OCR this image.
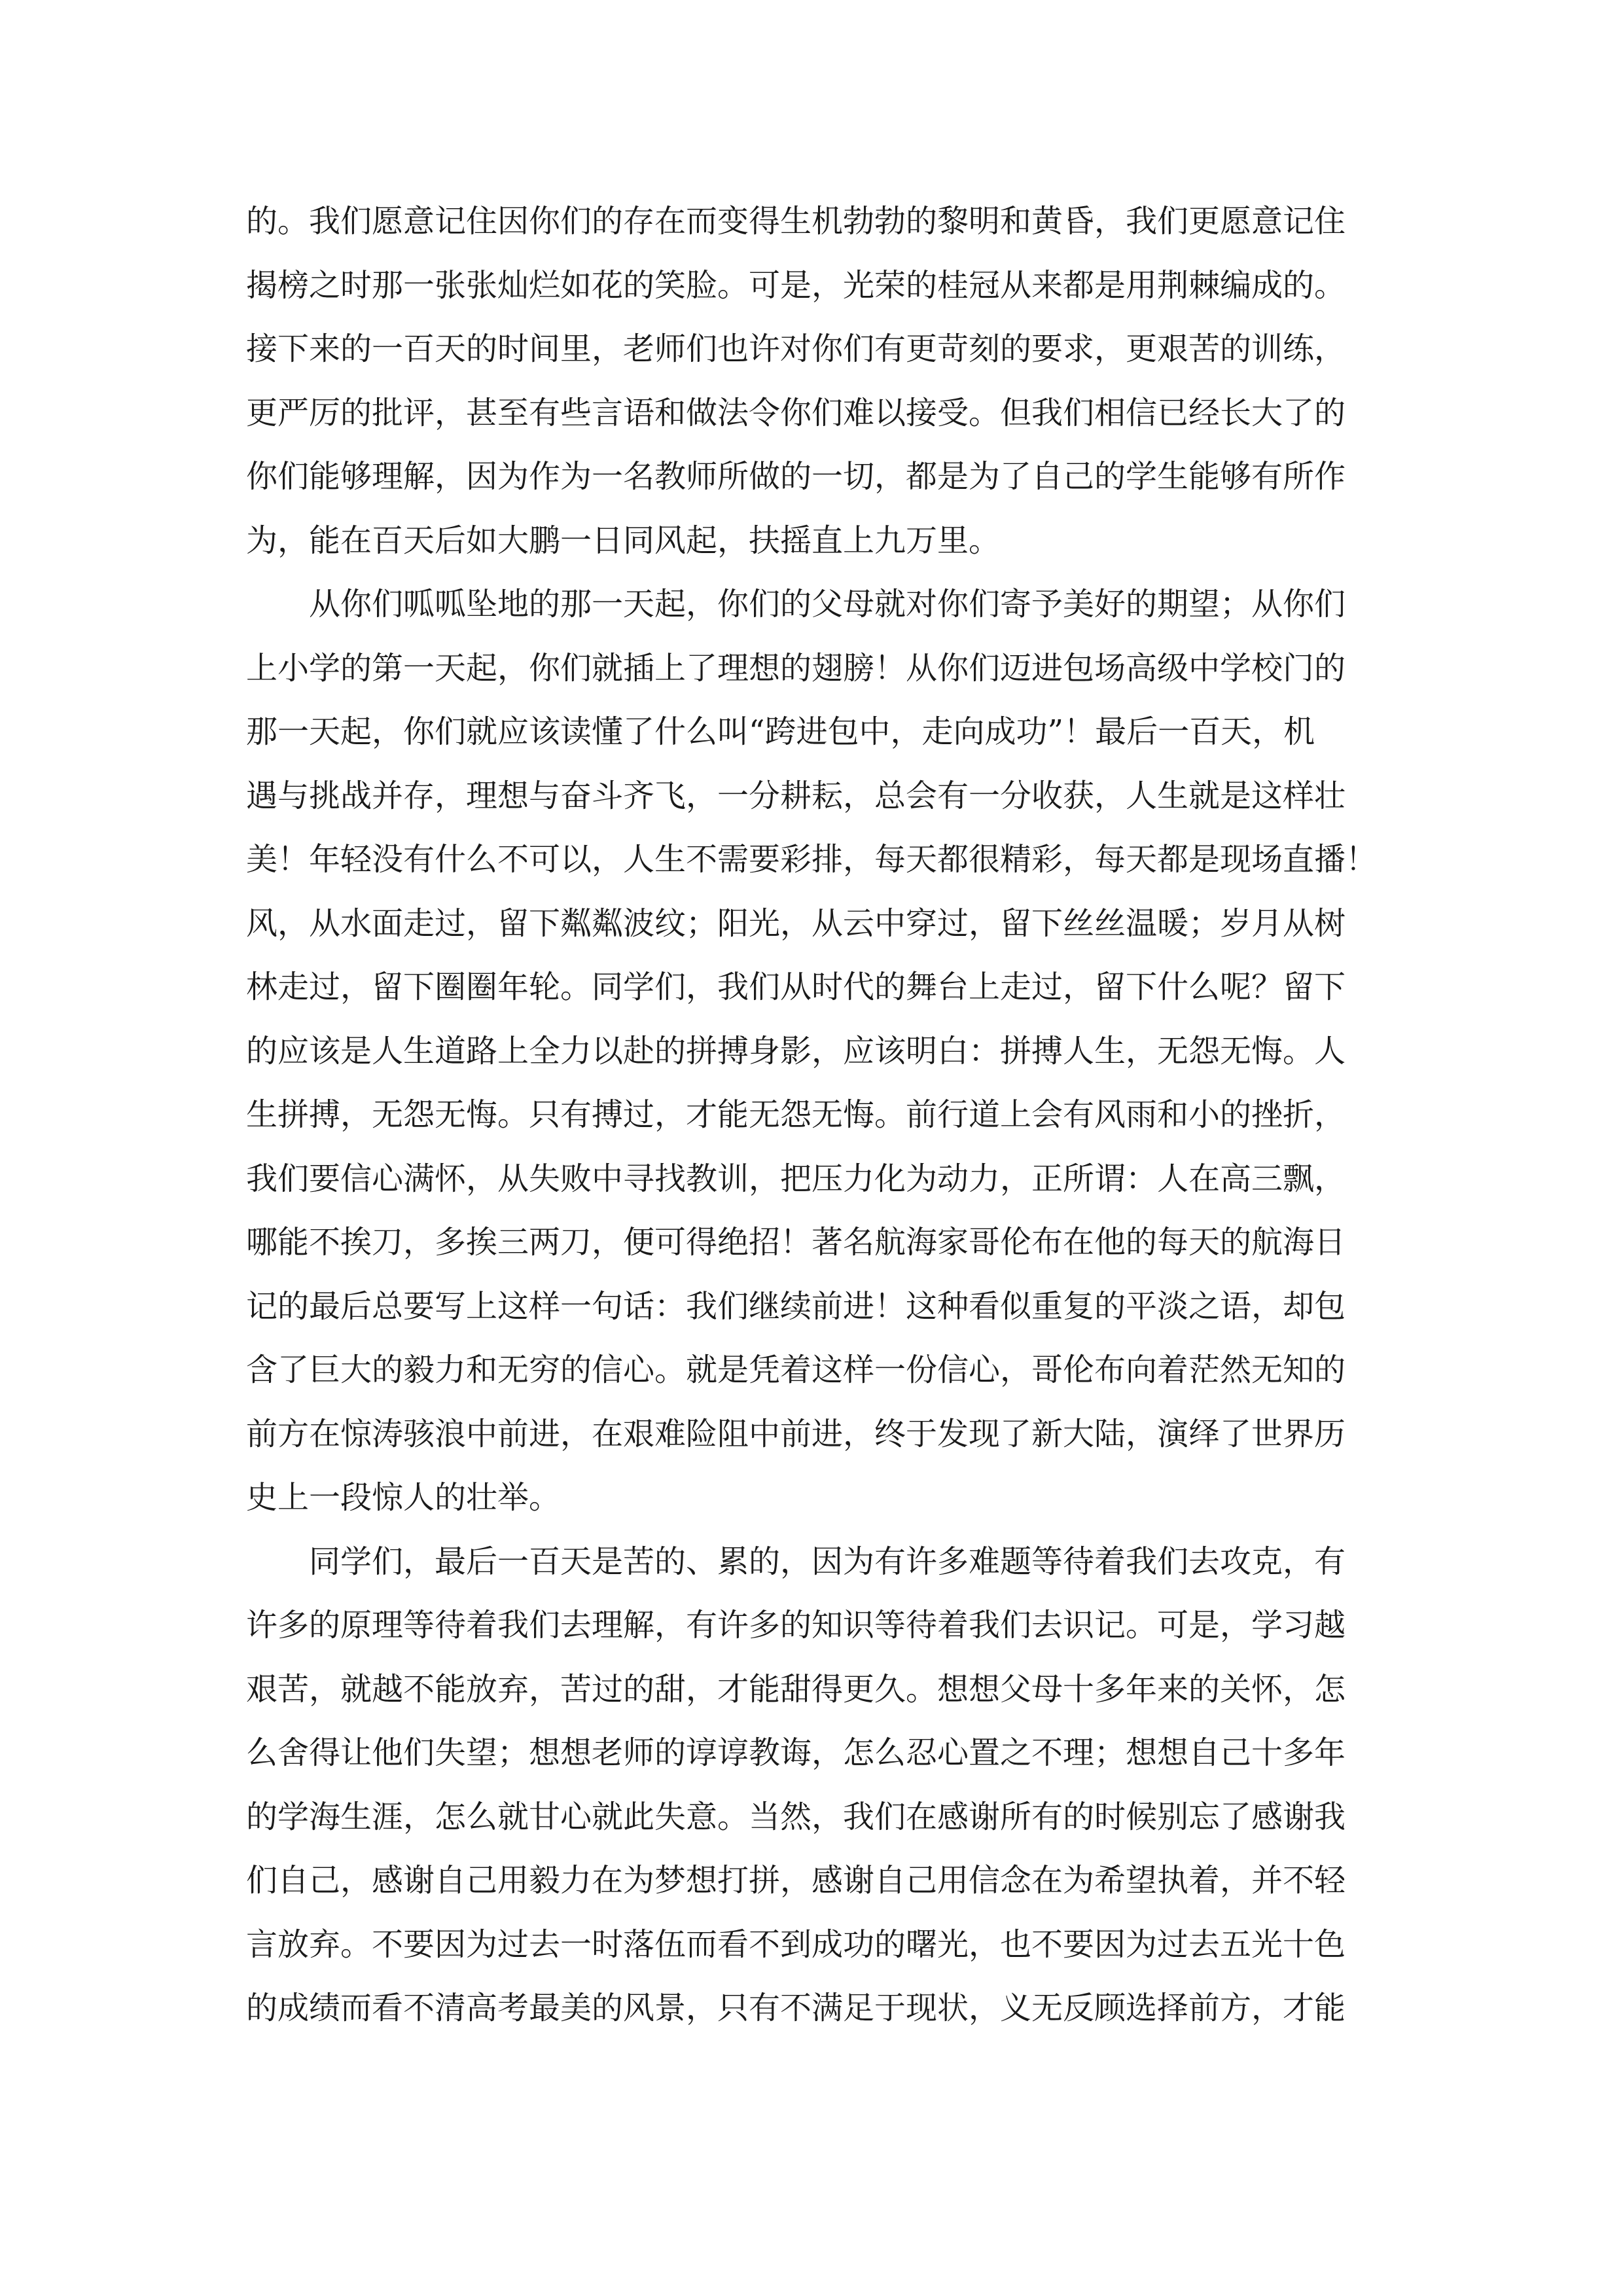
的。我们愿意记住因你们的存在而变得生机勃勃的黎明和黄昏，我们更愿意记住
揭榜之时那一张张灿烂如花的笑脸。可是，光荣的桂冠从来都是用荆棘编成的。
接下来的一百天的时间里，老师们也许对你们有更苛刻的要求，更艰苦的训练，
更严厉的批评，甚至有些言语和做法令你们难以接受。但我们相信已经长大了的
你们能够理解，因为作为一名教师所做的一切，都是为了自己的学生能够有所作
为，能在百天后如大鹏一日同风起，扶摇直上九万里。
从你们呱呱坠地的那一天起，你们的父母就对你们寄予美好的期望；从你们
上小学的第一天起，你们就插上了理想的翅膀！从你们迈进包场高级中学校门的
那一天起，你们就应该读懂了什么叫“跨进包中，走向成功”！最后一百天，机
遇与挑战并存，理想与奋斗齐飞，一分耕耘，总会有一分收获，人生就是这样壮
美！年轻没有什么不可以，人生不需要彩排，每天都很精彩，每天都是现场直播！
风，从水面走过，留下粼粼波纹；阳光，从云中穿过，留下丝丝温暖；岁月从树
林走过，留下圈圈年轮。同学们，我们从时代的舞台上走过，留下什么呢？留下
的应该是人生道路上全力以赴的拼搏身影，应该明白：拼搏人生，无怨无悔。人
生拼搏，无怨无悔。只有搏过，才能无怨无悔。前行道上会有风雨和小的挫折，
我们要信心满怀，从失败中寻找教训，把压力化为动力，正所谓：人在高三飘，
哪能不挨刀，多挨三两刀，便可得绝招！著名航海家哥伦布在他的每天的航海日
记的最后总要写上这样一句话：我们继续前进！这种看似重复的平淡之语，却包
含了巨大的毅力和无穷的信心。就是凭着这样一份信心，哥伦布向着茫然无知的
前方在惊涛骇浪中前进，在艰难险阻中前进，终于发现了新大陆，演绎了世界历
史上一段惊人的壮举。
同学们，最后一百天是苦的、累的，因为有许多难题等待着我们去攻克，有
许多的原理等待着我们去理解，有许多的知识等待着我们去识记。可是，学习越
艰苦，就越不能放弃，苦过的甜，才能甜得更久。想想父母十多年来的关怀，怎
么舍得让他们失望；想想老师的谆谆教诲，怎么忍心置之不理；想想自己十多年
的学海生涯，怎么就甘心就此失意。当然，我们在感谢所有的时候别忘了感谢我
们自己，感谢自己用毅力在为梦想打拼，感谢自己用信念在为希望执着，并不轻
言放弃。不要因为过去一时落伍而看不到成功的曙光，也不要因为过去五光十色
的成绩而看不清高考最美的风景，只有不满足于现状，义无反顾选择前方，才能
